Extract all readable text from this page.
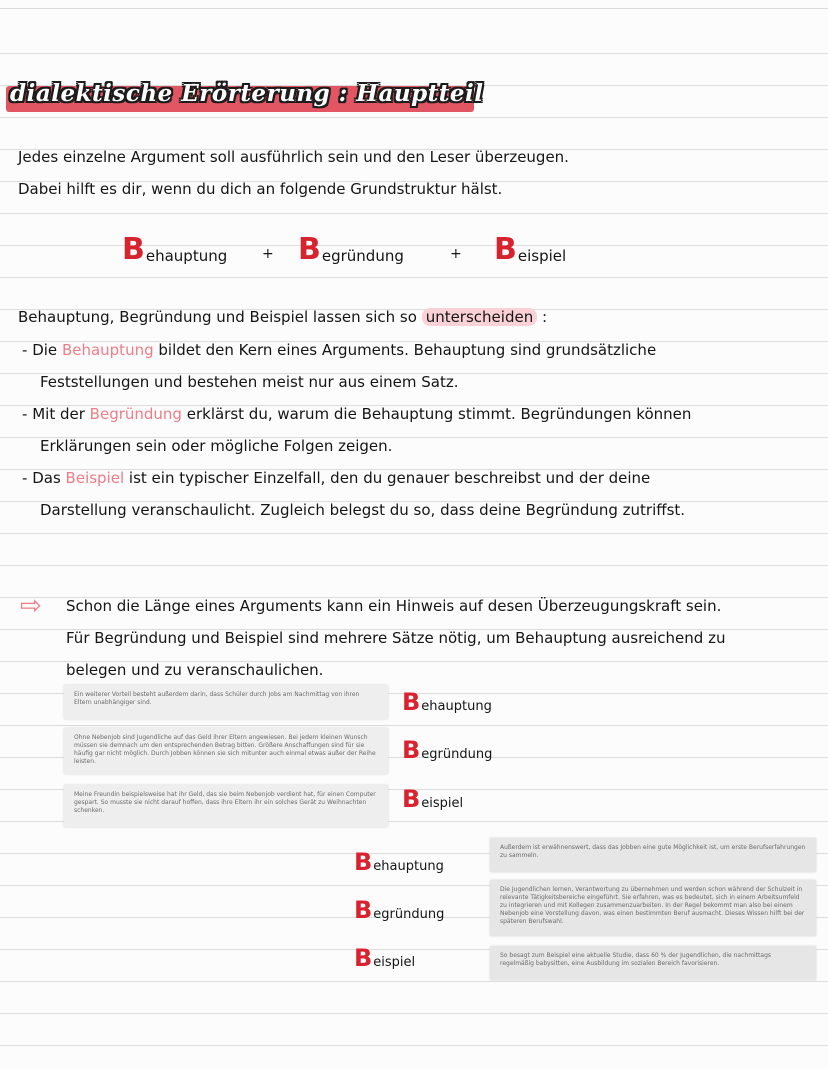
dialektische Erörterung : Hauptteil
Jedes einzelne Argument soll ausführlich sein und den Leser überzeugen.
Dabei hilft es dir, wenn du dich an folgende Grundstruktur hälst.
B ehauptung + B egründung	+ B eispiel
Behauptung, Begründung und Beispiel lassen sich so unterscheiden :
- Die Behauptung bildet den Kern eines Arguments. Behauptung sind grundsätzliche
Feststellungen und bestehen meist nur aus einem Satz.
- Mit der Begründung erklärst du, warum die Behauptung stimmt. Begründungen können
Erklärungen sein oder mögliche Folgen zeigen.
- Das Beispiel ist ein typischer Einzelfall, den du genauer beschreibst und der deine
Darstellung veranschaulicht. Zugleich belegst du so, dass deine Begründung zutriffst.
⇨ Schon die Länge eines Arguments kann ein Hinweis auf desen Überzeugungskraft sein.
Für Begründung und Beispiel sind mehrere Sätze nötig, um Behauptung ausreichend zu
belegen und zu veranschaulichen.
Ein weiterer Vorteil besteht außerdem darin, dass Schüler durch Jobs am Nachmittag von ihren Eltern unabhängiger sind.
Ohne Nebenjob sind Jugendliche auf das Geld ihrer Eltern angewiesen. Bei jedem kleinen Wunsch müssen sie demnach um den entsprechenden Betrag bitten. Größere Anschaffungen sind für sie häufig gar nicht möglich. Durch Jobben können sie sich mitunter auch einmal etwas außer der Reihe leisten.
Meine Freundin beispielsweise hat ihr Geld, das sie beim Nebenjob verdient hat, für einen Computer gespart. So musste sie nicht darauf hoffen, dass ihre Eltern ihr ein solches Gerät zu Weihnachten schenken.
B ehauptung
B egründung
B eispiel
B ehauptung
B egründung
B eispiel
Außerdem ist erwähnenswert, dass das Jobben eine gute Möglichkeit ist, um erste Berufserfahrungen zu sammeln.
Die Jugendlichen lernen, Verantwortung zu übernehmen und werden schon während der Schulzeit in relevante Tätigkeitsbereiche eingeführt. Sie erfahren, was es bedeutet, sich in einem Arbeitsumfeld zu integrieren und mit Kollegen zusammenzuarbeiten. In der Regel bekommt man also bei einem Nebenjob eine Vorstellung davon, was einen bestimmten Beruf ausmacht. Dieses Wissen hilft bei der späteren Berufswahl.
So besagt zum Beispiel eine aktuelle Studie, dass 60 % der Jugendlichen, die nachmittags regelmäßig babysitten, eine Ausbildung im sozialen Bereich favorisieren.
